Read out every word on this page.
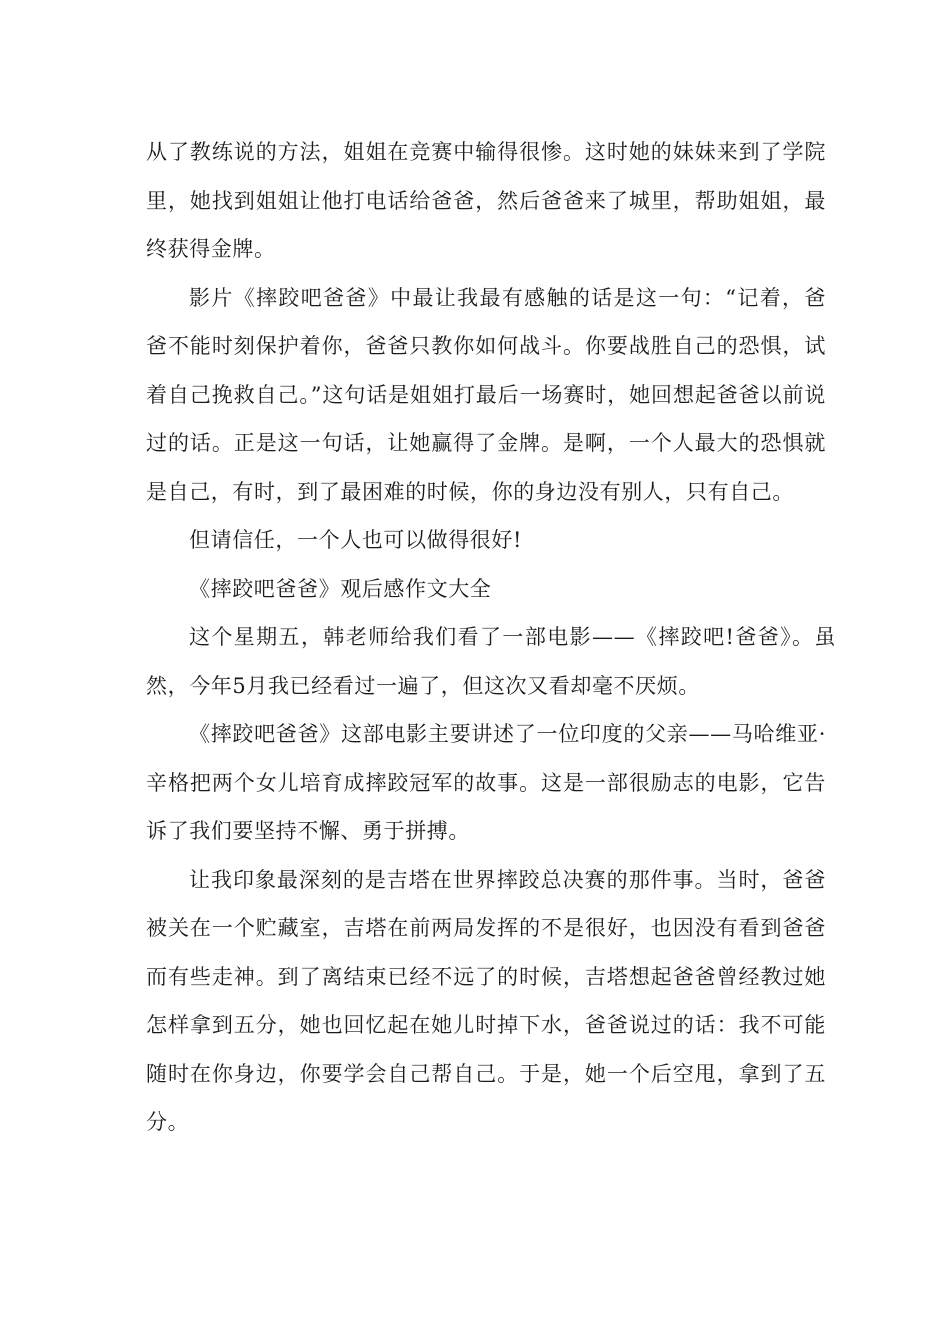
从了教练说的方法，姐姐在竞赛中输得很惨。这时她的妹妹来到了学院里，她找到姐姐让他打电话给爸爸，然后爸爸来了城里，帮助姐姐，最终获得金牌。

影片《摔跤吧爸爸》中最让我最有感触的话是这一句：“记着，爸爸不能时刻保护着你，爸爸只教你如何战斗。你要战胜自己的恐惧，试着自己挽救自己。”这句话是姐姐打最后一场赛时，她回想起爸爸以前说过的话。正是这一句话，让她赢得了金牌。是啊，一个人最大的恐惧就是自己，有时，到了最困难的时候，你的身边没有别人，只有自己。

但请信任，一个人也可以做得很好!

《摔跤吧爸爸》观后感作文大全

这个星期五，韩老师给我们看了一部电影——《摔跤吧!爸爸》。虽然，今年5月我已经看过一遍了，但这次又看却毫不厌烦。

《摔跤吧爸爸》这部电影主要讲述了一位印度的父亲——马哈维亚·辛格把两个女儿培育成摔跤冠军的故事。这是一部很励志的电影，它告诉了我们要坚持不懈、勇于拼搏。

让我印象最深刻的是吉塔在世界摔跤总决赛的那件事。当时，爸爸被关在一个贮藏室，吉塔在前两局发挥的不是很好，也因没有看到爸爸而有些走神。到了离结束已经不远了的时候，吉塔想起爸爸曾经教过她怎样拿到五分，她也回忆起在她儿时掉下水，爸爸说过的话：我不可能随时在你身边，你要学会自己帮自己。于是，她一个后空甩，拿到了五分。
